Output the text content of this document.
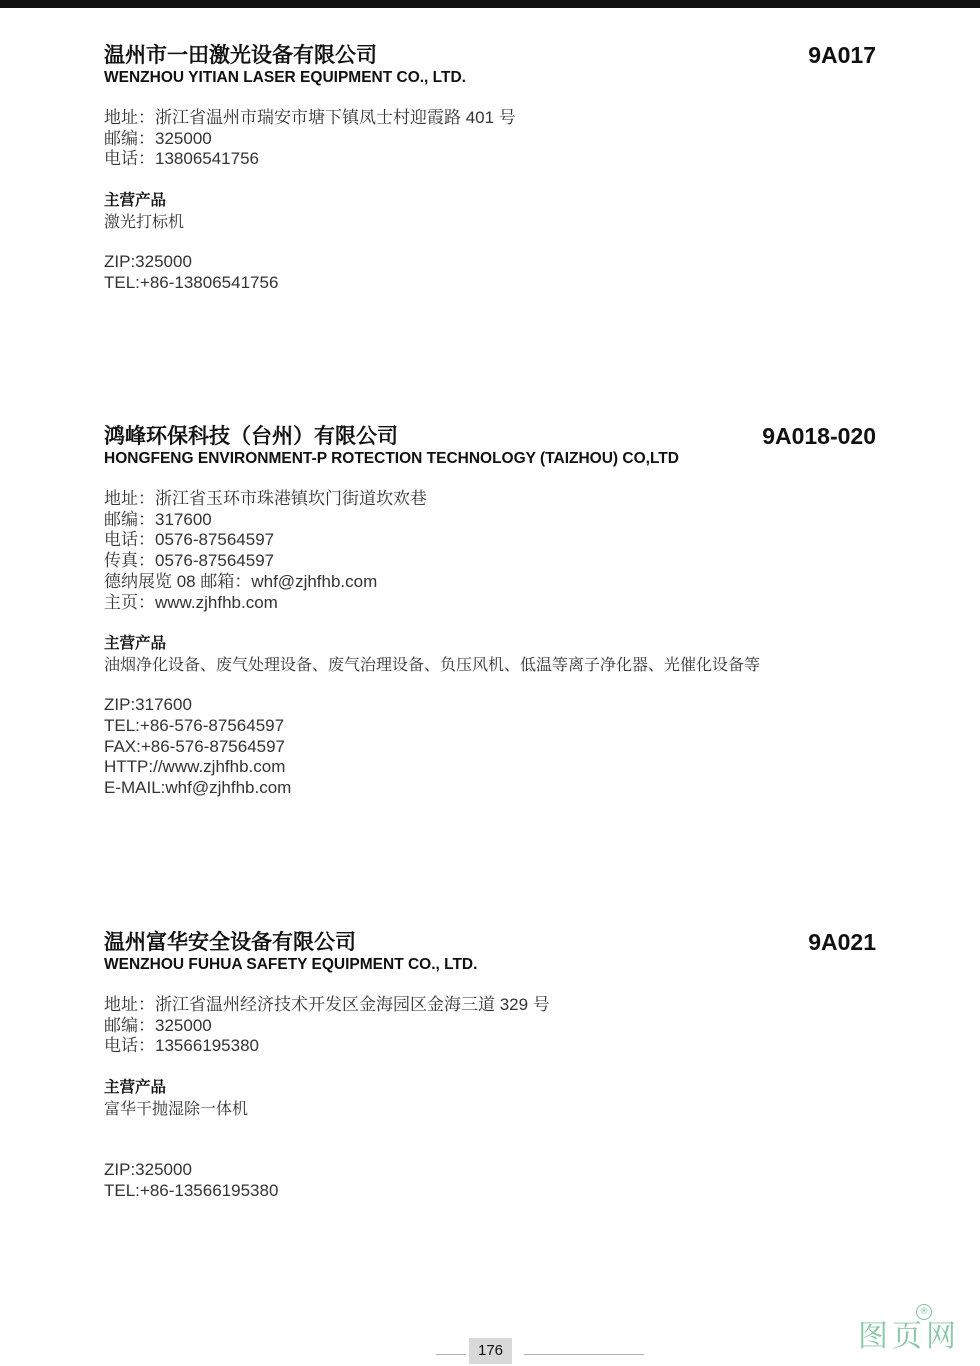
温州市一田激光设备有限公司	9A017
WENZHOU YITIAN LASER EQUIPMENT CO., LTD.
地址：浙江省温州市瑞安市塘下镇凤士村迎霞路 401 号
邮编：325000
电话：13806541756
主营产品
激光打标机
ZIP:325000
TEL:+86-13806541756
鸿峰环保科技（台州）有限公司	9A018-020
HONGFENG ENVIRONMENT-P ROTECTION TECHNOLOGY (TAIZHOU) CO,LTD
地址：浙江省玉环市珠港镇坎门街道坎欢巷
邮编：317600
电话：0576-87564597
传真：0576-87564597
德纳展览 08 邮箱：whf@zjhfhb.com
主页：www.zjhfhb.com
主营产品
油烟净化设备、废气处理设备、废气治理设备、负压风机、低温等离子净化器、光催化设备等
ZIP:317600
TEL:+86-576-87564597
FAX:+86-576-87564597
HTTP://www.zjhfhb.com
E-MAIL:whf@zjhfhb.com
温州富华安全设备有限公司	9A021
WENZHOU FUHUA SAFETY EQUIPMENT CO., LTD.
地址：浙江省温州经济技术开发区金海园区金海三道 329 号
邮编：325000
电话：13566195380
主营产品
富华干抛湿除一体机
ZIP:325000
TEL:+86-13566195380
176	图页网
®
